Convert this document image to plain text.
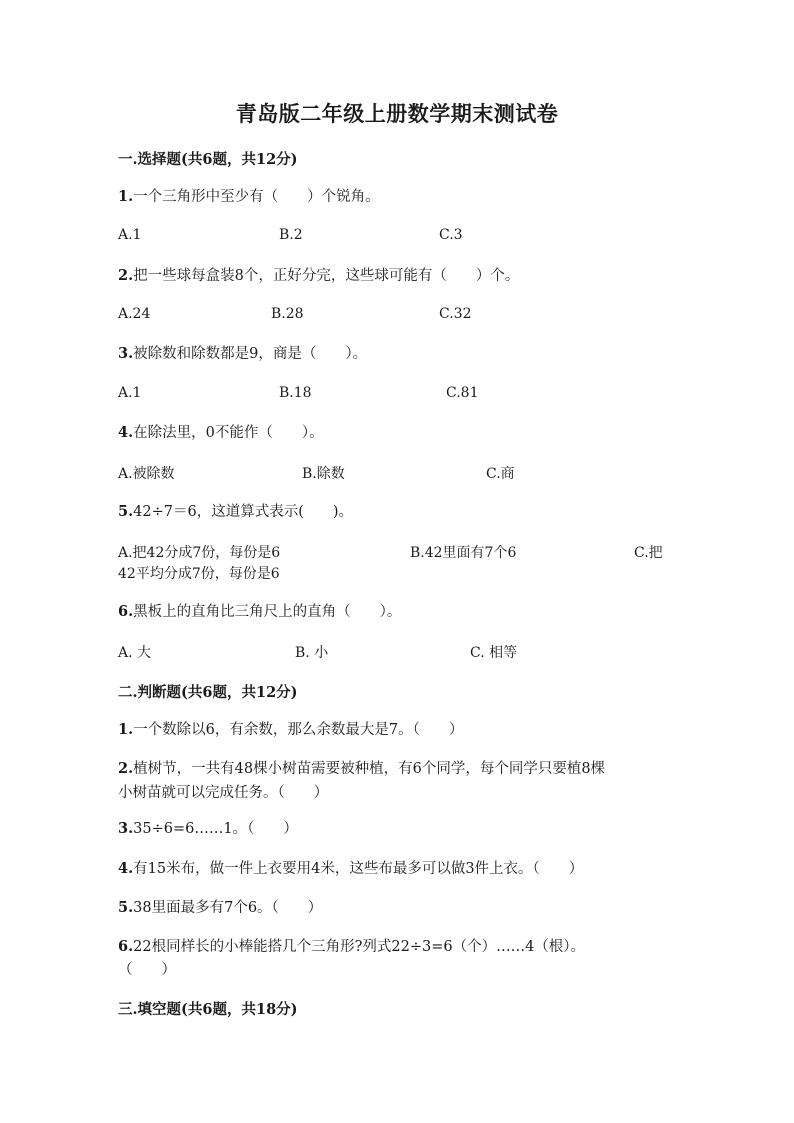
青岛版二年级上册数学期末测试卷
一.选择题(共6题，共12分)
1.一个三角形中至少有（　　）个锐角。
A.1	B.2	C.3
2.把一些球每盒装8个，正好分完，这些球可能有（　　）个。
A.24	B.28	C.32
3.被除数和除数都是9，商是（　　）。
A.1	B.18	C.81
4.在除法里，0不能作（　　）。
A.被除数	B.除数	C.商
5.42÷7＝6，这道算式表示(　　)。
A.把42分成7份，每份是6	B.42里面有7个6	C.把
42平均分成7份，每份是6
6.黑板上的直角比三角尺上的直角（　　）。
A. 大	B. 小	C. 相等
二.判断题(共6题，共12分)
1.一个数除以6，有余数，那么余数最大是7。（　　）
2.植树节，一共有48棵小树苗需要被种植，有6个同学，每个同学只要植8棵
小树苗就可以完成任务。（　　）
3.35÷6=6……1。（　　）
4.有15米布，做一件上衣要用4米，这些布最多可以做3件上衣。（　　）
5.38里面最多有7个6。（　　）
6.22根同样长的小棒能搭几个三角形?列式22÷3=6（个）……4（根）。
（　　）
三.填空题(共6题，共18分)
